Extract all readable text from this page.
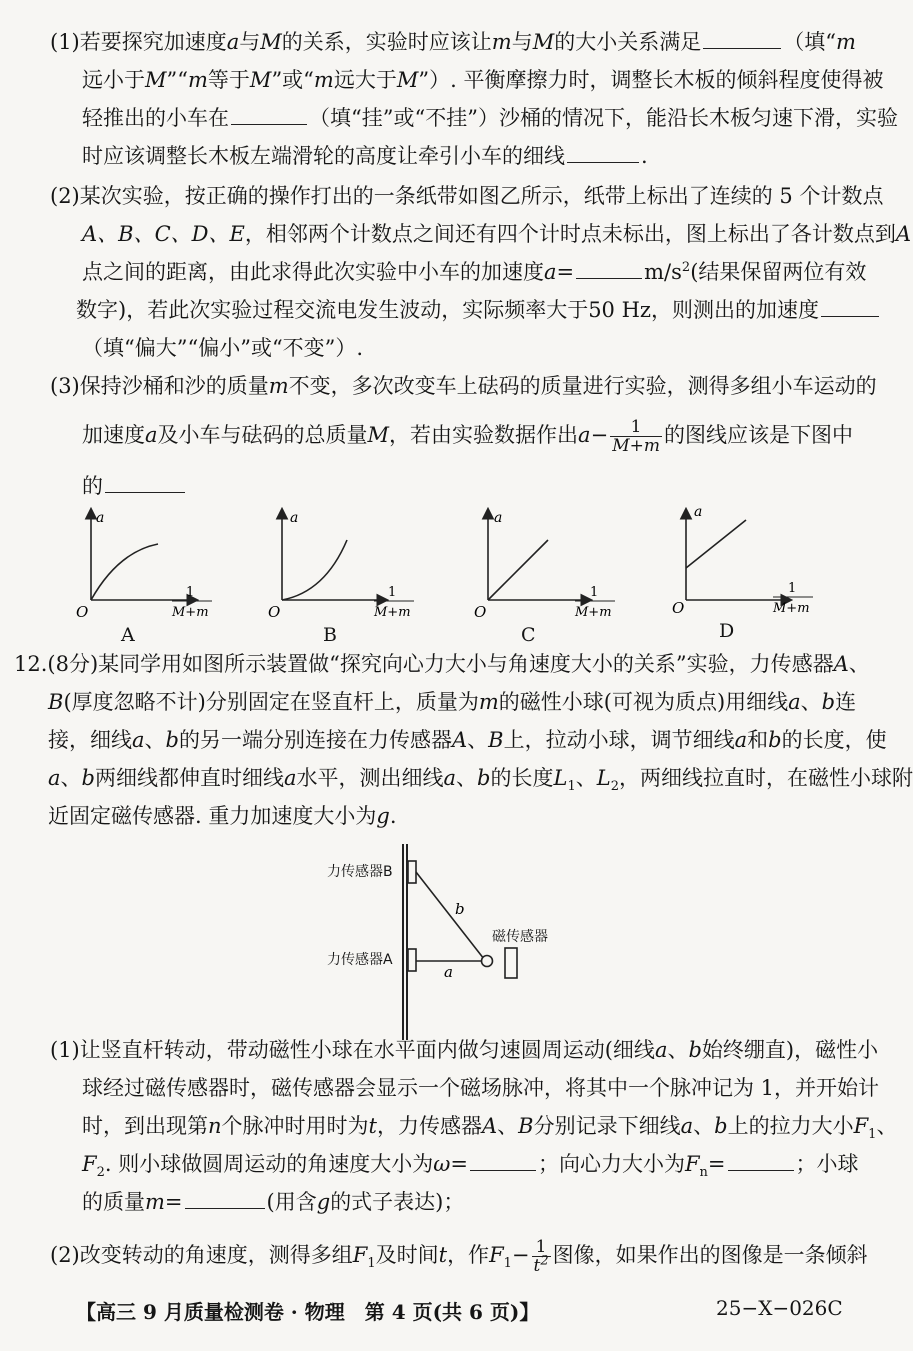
(1)若要探究加速度a与M的关系，实验时应该让m与M的大小关系满足	（填“m
远小于M”“m等于M”或“m远大于M”）. 平衡摩擦力时，调整长木板的倾斜程度使得被
轻推出的小车在	（填“挂”或“不挂”）沙桶的情况下，能沿长木板匀速下滑，实验
时应该调整长木板左端滑轮的高度让牵引小车的细线	.
(2)某次实验，按正确的操作打出的一条纸带如图乙所示，纸带上标出了连续的 5 个计数点
A、B、C、D、E，相邻两个计数点之间还有四个计时点未标出，图上标出了各计数点到A
点之间的距离，由此求得此次实验中小车的加速度a=	$m/s^2$(结果保留两位有效
数字)，若此次实验过程交流电发生波动，实际频率大于50 Hz，则测出的加速度
（填“偏大”“偏小”或“不变”）.
(3)保持沙桶和沙的质量m不变，多次改变车上砝码的质量进行实验，测得多组小车运动的
加速度a及小车与砝码的总质量M，若由实验数据作出$a- \frac{1}{M+m}$ 的图线应该是下图中
的
a
O
1
M+m
a
O
1
M+m
a
O
1
M+m
a
O
1
M+m
A	B	C	D
12.(8分)某同学用如图所示装置做“探究向心力大小与角速度大小的关系”实验，力传感器A、
B(厚度忽略不计)分别固定在竖直杆上，质量为m的磁性小球(可视为质点)用细线a、b连
接，细线a、b的另一端分别连接在力传感器A、B上，拉动小球，调节细线a和b的长度，使
a、b两细线都伸直时细线a水平，测出细线a、b的长度$L_1$、$L_2$，两细线拉直时，在磁性小球附
近固定磁传感器. 重力加速度大小为g.
b
a
力传感器B
力传感器A
磁传感器
(1)让竖直杆转动，带动磁性小球在水平面内做匀速圆周运动(细线a、b始终绷直)，磁性小
球经过磁传感器时，磁传感器会显示一个磁场脉冲，将其中一个脉冲记为 1，并开始计
时，到出现第n个脉冲时用时为t，力传感器A、B分别记录下细线a、b上的拉力大小$F_1$、
$F_2$. 则小球做圆周运动的角速度大小为ω=	；向心力大小为$F_n=$	；小球
的质量m=	(用含g的式子表达)；
(2)改变转动的角速度，测得多组$F_1$及时间t，作$F_1- \frac{1}{t^2}$ 图像，如果作出的图像是一条倾斜
【高三 9 月质量检测卷 · 物理　第 4 页(共 6 页)】	25−X−026C
